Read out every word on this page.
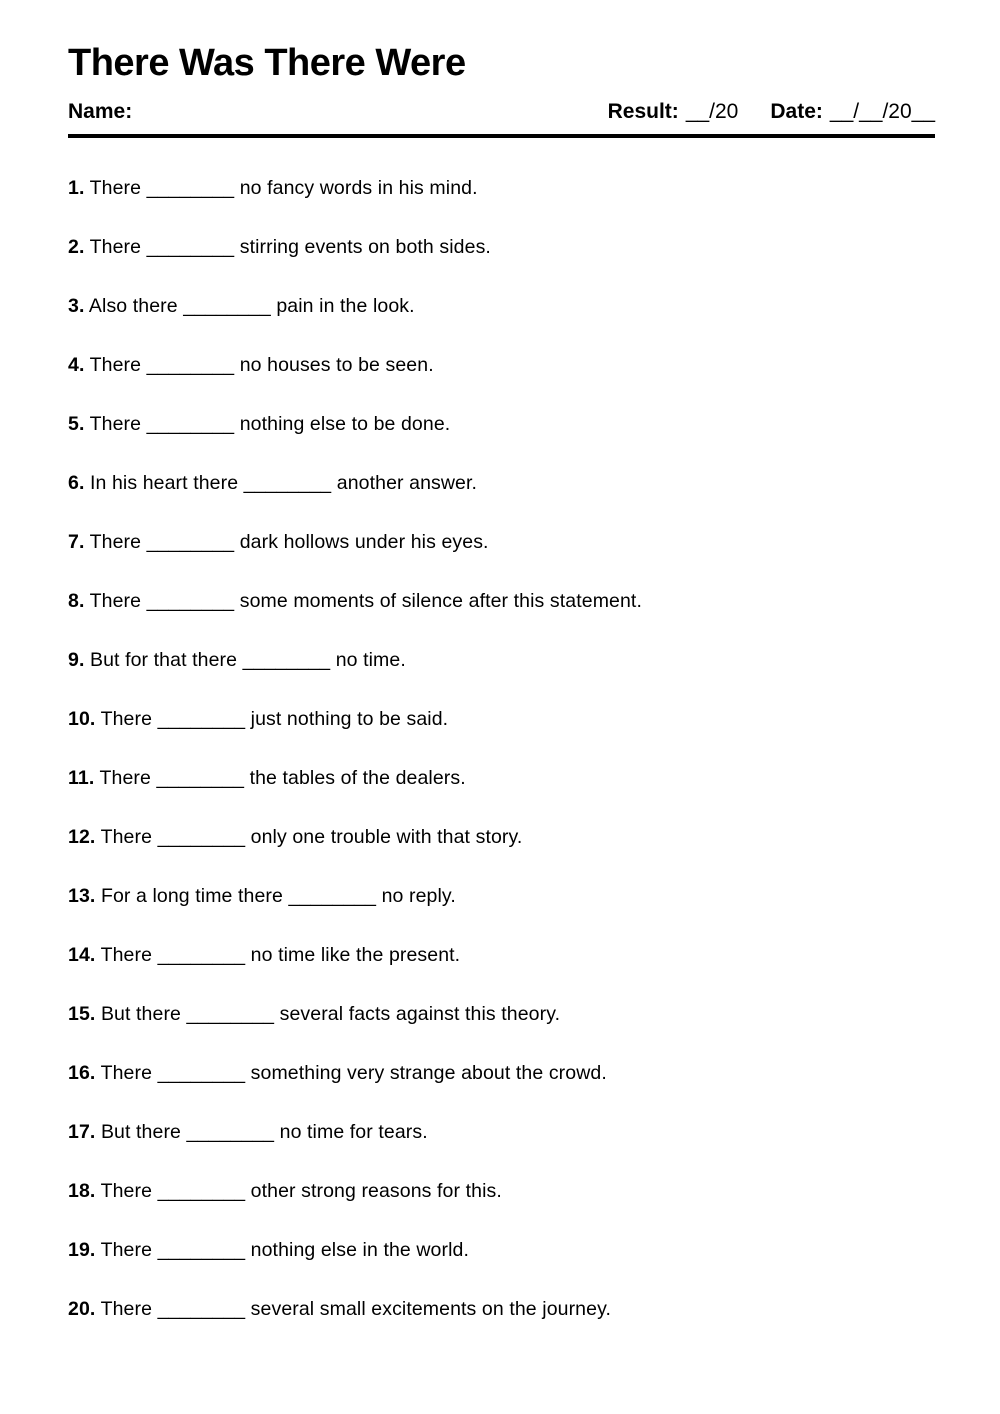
There Was There Were
Name:	Result: __/20 Date: __/__/20__
1. There ________ no fancy words in his mind.
2. There ________ stirring events on both sides.
3. Also there ________ pain in the look.
4. There ________ no houses to be seen.
5. There ________ nothing else to be done.
6. In his heart there ________ another answer.
7. There ________ dark hollows under his eyes.
8. There ________ some moments of silence after this statement.
9. But for that there ________ no time.
10. There ________ just nothing to be said.
11. There ________ the tables of the dealers.
12. There ________ only one trouble with that story.
13. For a long time there ________ no reply.
14. There ________ no time like the present.
15. But there ________ several facts against this theory.
16. There ________ something very strange about the crowd.
17. But there ________ no time for tears.
18. There ________ other strong reasons for this.
19. There ________ nothing else in the world.
20. There ________ several small excitements on the journey.
